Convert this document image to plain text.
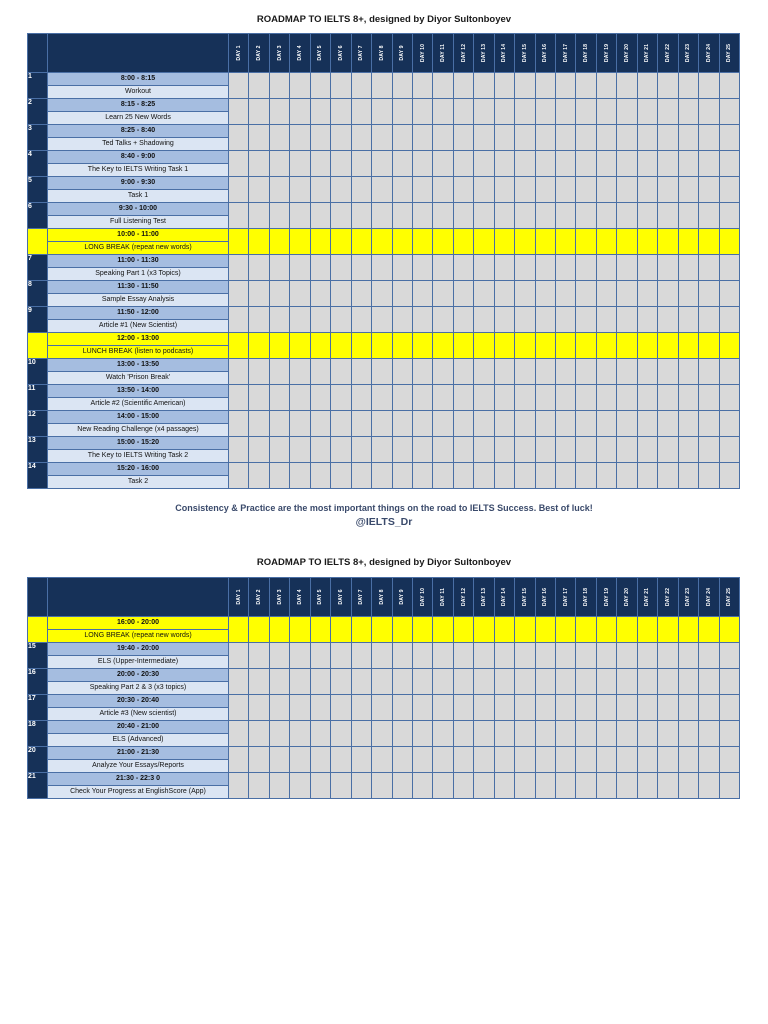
ROADMAP TO IELTS 8+, designed by Diyor Sultonboyev

		DAY 1	DAY 2	DAY 3	DAY 4	DAY 5	DAY 6	DAY 7	DAY 8	DAY 9	DAY 10	DAY 11	DAY 12	DAY 13	DAY 14	DAY 15	DAY 16	DAY 17	DAY 18	DAY 19	DAY 20	DAY 21	DAY 22	DAY 23	DAY 24	DAY 25

1	8:00 - 8:15																									
	Workout																									
2	8:15 - 8:25																									
	Learn 25 New Words																									
3	8:25 - 8:40																									
	Ted Talks + Shadowing																									
4	8:40 - 9:00																									
	The Key to IELTS Writing Task 1																									
5	9:00 - 9:30																									
	Task 1																									
6	9:30 - 10:00																									
	Full Listening Test																									
	10:00 - 11:00																									
	LONG BREAK (repeat new words)																									
7	11:00 - 11:30																									
	Speaking Part 1 (x3 Topics)																									
8	11:30 - 11:50																									
	Sample Essay Analysis																									
9	11:50 - 12:00																									
	Article #1 (New Scientist)																									
	12:00 - 13:00																									
	LUNCH BREAK (listen to podcasts)																									
10	13:00 - 13:50																									
	Watch 'Prison Break'																									
11	13:50 - 14:00																									
	Article #2 (Scientific American)																									
12	14:00 - 15:00																									
	New Reading Challenge (x4 passages)																									
13	15:00 - 15:20																									
	The Key to IELTS Writing Task 2																									
14	15:20 - 16:00																									
	Task 2																									
Consistency & Practice are the most important things on the road to IELTS Success. Best of luck!
@IELTS_Dr
ROADMAP TO IELTS 8+, designed by Diyor Sultonboyev

		DAY 1	DAY 2	DAY 3	DAY 4	DAY 5	DAY 6	DAY 7	DAY 8	DAY 9	DAY 10	DAY 11	DAY 12	DAY 13	DAY 14	DAY 15	DAY 16	DAY 17	DAY 18	DAY 19	DAY 20	DAY 21	DAY 22	DAY 23	DAY 24	DAY 25

	16:00 - 20:00																									
	LONG BREAK (repeat new words)																									
15	19:40 - 20:00																									
	ELS (Upper-Intermediate)																									
16	20:00 - 20:30																									
	Speaking Part 2 & 3 (x3 topics)																									
17	20:30 - 20:40																									
	Article #3 (New scientist)																									
18	20:40 - 21:00																									
	ELS (Advanced)																									
20	21:00 - 21:30																									
	Analyze Your Essays/Reports																									
21	21:30 - 22:3 0																									
	Check Your Progress at EnglishScore (App)																									
